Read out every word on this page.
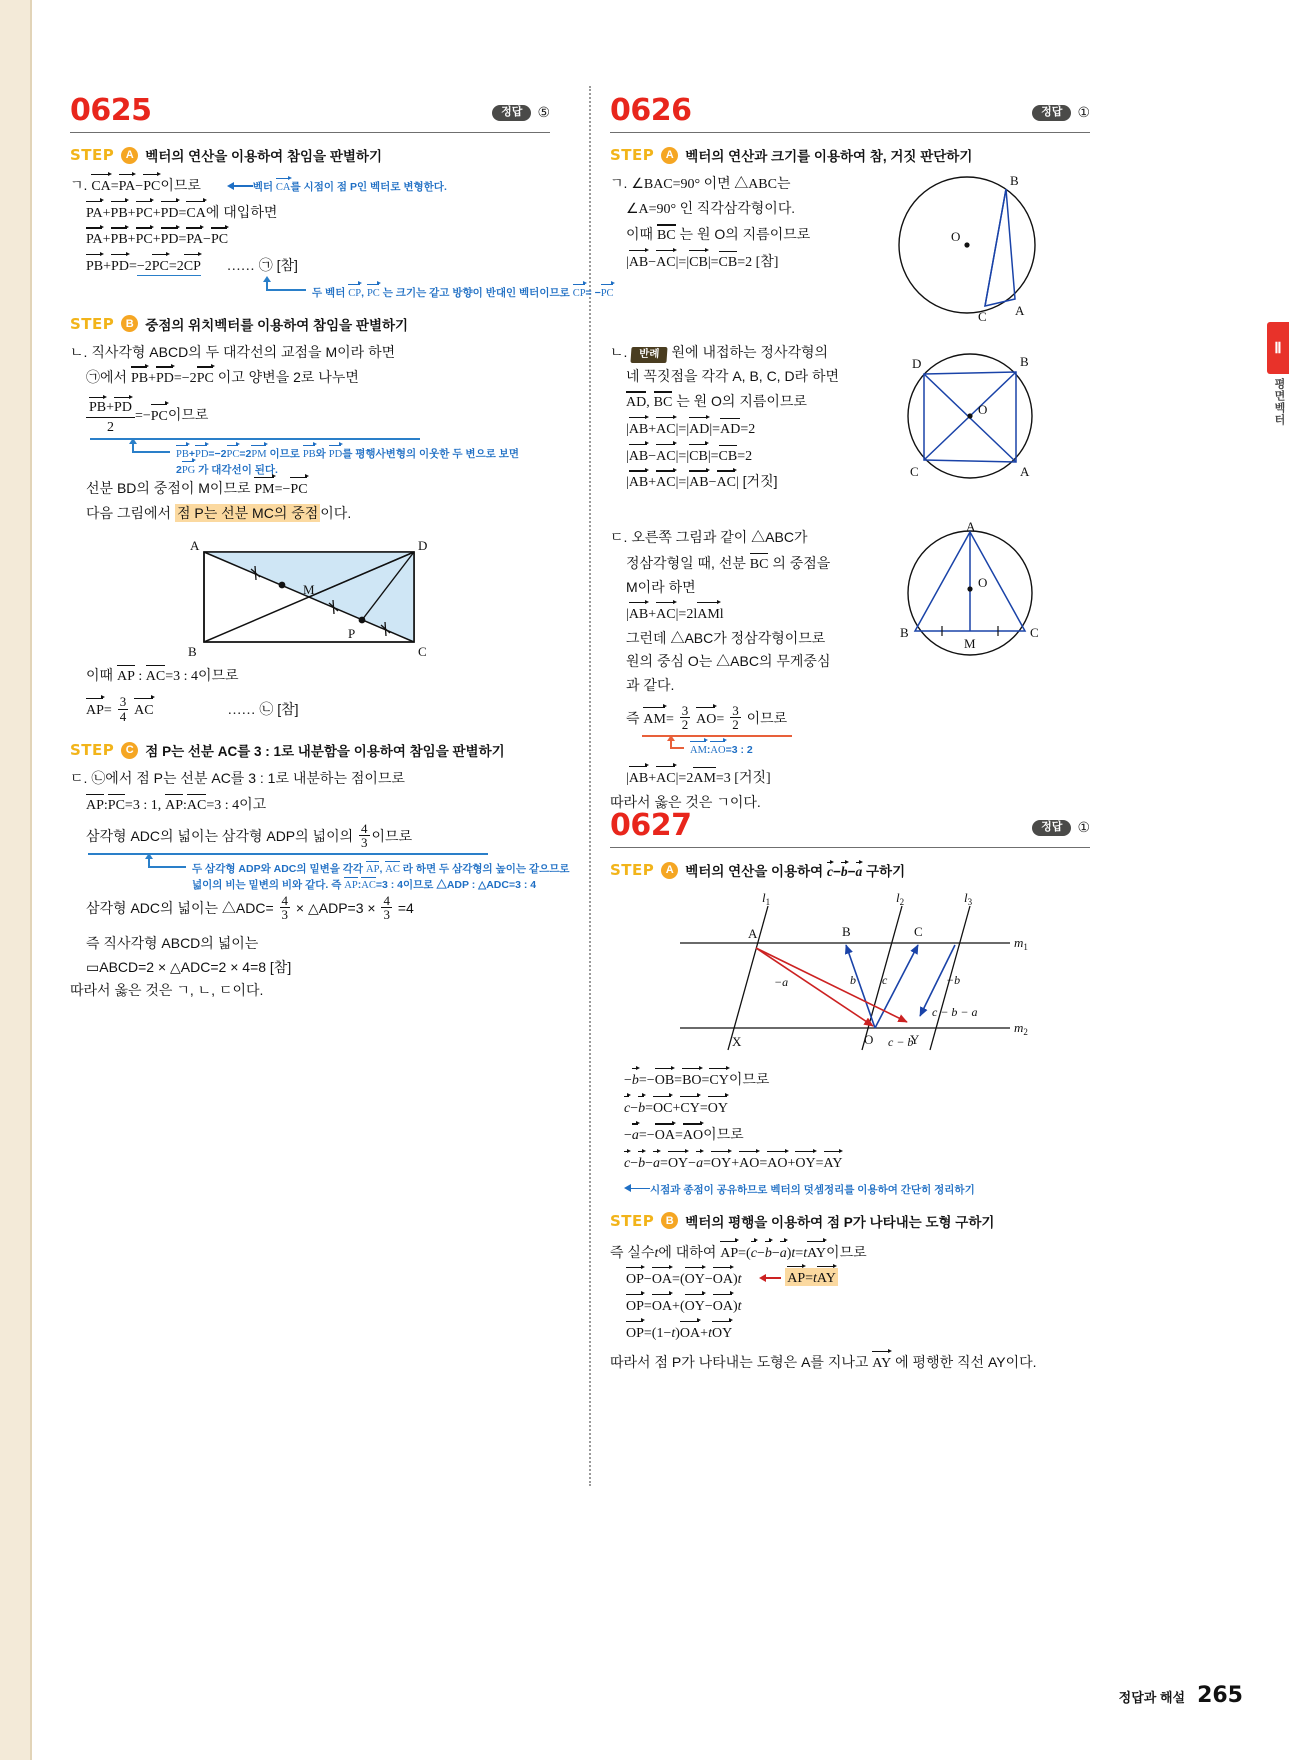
Ⅱ
평면벡터
0625	정답	⑤
STEP	A 벡터의 연산을 이용하여 참임을 판별하기
ㄱ. CA=PA−PC이므로	벡터 CA를 시점이 점 P인 벡터로 변형한다.
PA+PB+PC+PD=CA에 대입하면
PA+PB+PC+PD=PA−PC
PB+PD=−2PC=2CP …… ㉠ [참]
두 벡터 CP, PC 는 크기는 같고 방향이 반대인 벡터이므로 CP= −PC
STEP	B 중점의 위치벡터를 이용하여 참임을 판별하기
ㄴ. 직사각형 ABCD의 두 대각선의 교점을 M이라 하면
㉠에서 PB+PD=−2PC 이고 양변을 2로 나누면
$\frac{PB+PD}{2} =-PC$이므로
PB+PD=−2PC=2PM 이므로 PB와 PD를 평행사변형의 이웃한 두 변으로 보면
2PG 가 대각선이 된다.
선분 BD의 중점이 M이므로 PM=−PC
다음 그림에서 점 P는 선분 MC의 중점 이다.
A	D
B	C
M
P
이때 AP : AC=3 : 4이므로
$AP= \frac{3}{4}$ AC	…… ㉡ [참]
STEP	C 점 P는 선분 AC를 3 : 1로 내분함을 이용하여 참임을 판별하기
ㄷ. ㉡에서 점 P는 선분 AC를 3 : 1로 내분하는 점이므로
AP:PC=3 : 1, AP:AC=3 : 4이고
삼각형 ADC의 넓이는 삼각형 ADP의 넓이의 $\frac{4}{3}$ 이므로
두 삼각형 ADP와 ADC의 밑변을 각각 AP, AC 라 하면 두 삼각형의 높이는 같으므로
넓이의 비는 밑변의 비와 같다. 즉 AP:AC=3 : 4이므로 △ADP : △ADC=3 : 4
삼각형 ADC의 넓이는 △ADC= $\frac{4}{3}$ × △ADP=3 × $\frac{4}{3} =4$
즉 직사각형 ABCD의 넓이는
▭ABCD=2 × △ADC=2 × 4=8 [참]
따라서 옳은 것은 ㄱ, ㄴ, ㄷ이다.
0626	정답	①
STEP	A 벡터의 연산과 크기를 이용하여 참, 거짓 판단하기
ㄱ. ∠BAC=90° 이면 △ABC는
∠A=90° 인 직각삼각형이다.
이때 BC 는 원 O의 지름이므로
|AB−AC|=|CB|=CB=2 [참]
B
O
C A
ㄴ. 반례 원에 내접하는 정사각형의
네 꼭짓점을 각각 A, B, C, D라 하면
AD, BC 는 원 O의 지름이므로
|AB+AC|=|AD|=AD=2
|AB−AC|=|CB|=CB=2
|AB+AC|=|AB−AC| [거짓]
D	B
O
C	A
ㄷ. 오른쪽 그림과 같이 △ABC가
정삼각형일 때, 선분 BC 의 중점을
M이라 하면
|AB+AC|=2lAMl
그런데 △ABC가 정삼각형이므로
원의 중심 O는 △ABC의 무게중심
과 같다.
즉 $AM= \frac{3}{2} AO= \frac{3}{2}$ 이므로
AM:AO=3 : 2
|AB+AC|=2AM=3 [거짓]
따라서 옳은 것은 ㄱ이다.
A
O
B
M
C
0627	정답	①
STEP	A 벡터의 연산을 이용하여 c−b−a 구하기
A	B	C
$m_1$
$m_2$
$l_1$	$l_2$	$l_3$
X	O	Y
−a	b c	−b
c − b
c − b − a
−b=−OB=BO=CY이므로
c−b=OC+CY=OY
−a=−OA=AO이므로
c−b−a=OY−a=OY+AO=AO+OY=AY
시점과 종점이 공유하므로 벡터의 덧셈정리를 이용하여 간단히 정리하기
STEP	B 벡터의 평행을 이용하여 점 P가 나타내는 도형 구하기
즉 실수t에 대하여 AP=(c−b−a)t=tAY이므로
OP−OA=(OY−OA)t	AP=tAY
OP=OA+(OY−OA)t
OP=(1−t)OA+tOY
따라서 점 P가 나타내는 도형은 A를 지나고 AY 에 평행한 직선 AY이다.
정답과 해설 265
